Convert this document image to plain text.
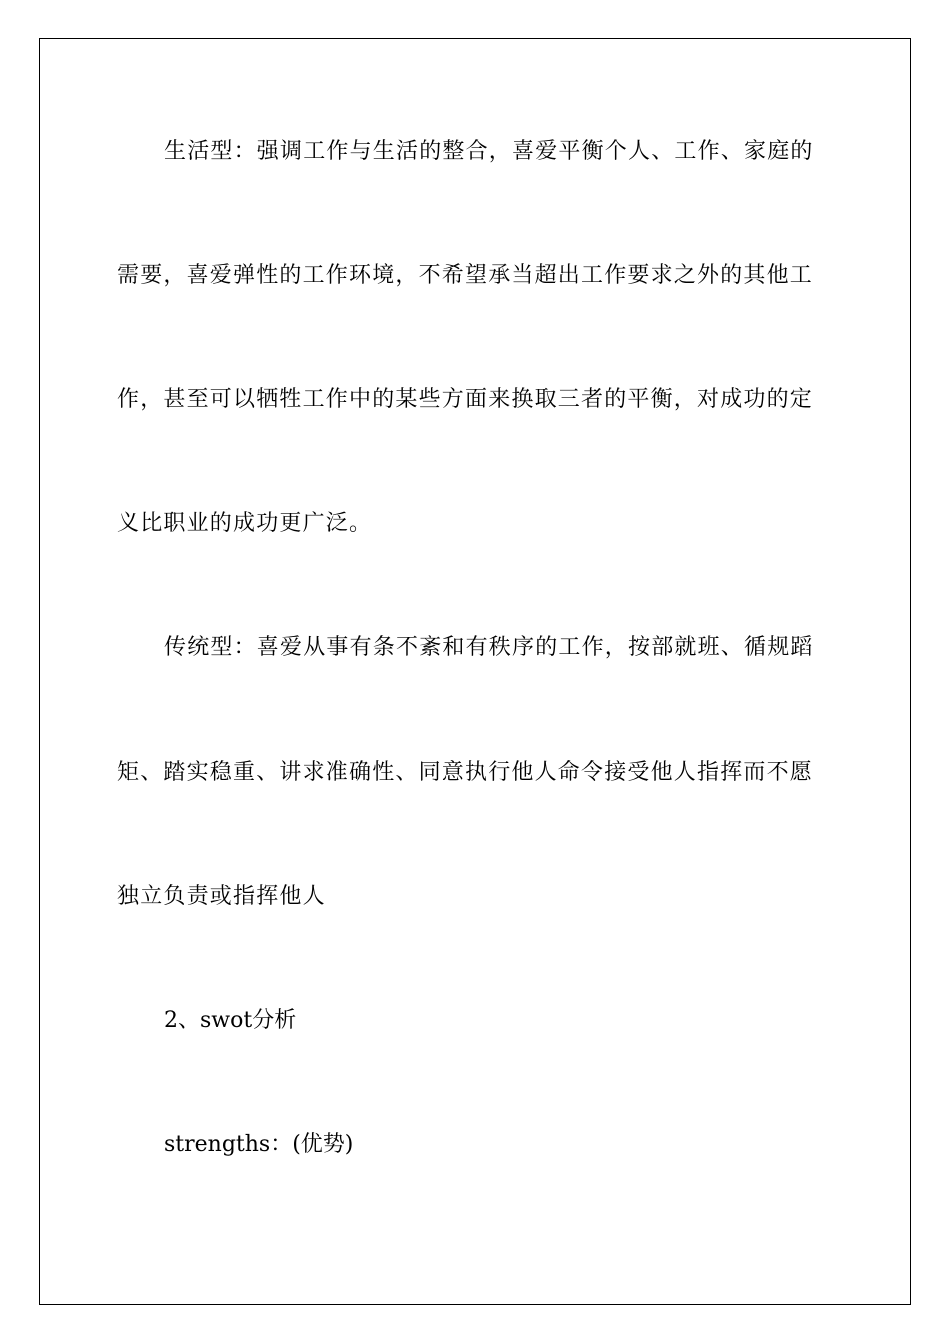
生活型：强调工作与生活的整合，喜爱平衡个人、工作、家庭的
需要，喜爱弹性的工作环境，不希望承当超出工作要求之外的其他工
作，甚至可以牺牲工作中的某些方面来换取三者的平衡，对成功的定
义比职业的成功更广泛。
传统型：喜爱从事有条不紊和有秩序的工作，按部就班、循规蹈
矩、踏实稳重、讲求准确性、同意执行他人命令接受他人指挥而不愿
独立负责或指挥他人
2、swot分析
strengths：(优势)
